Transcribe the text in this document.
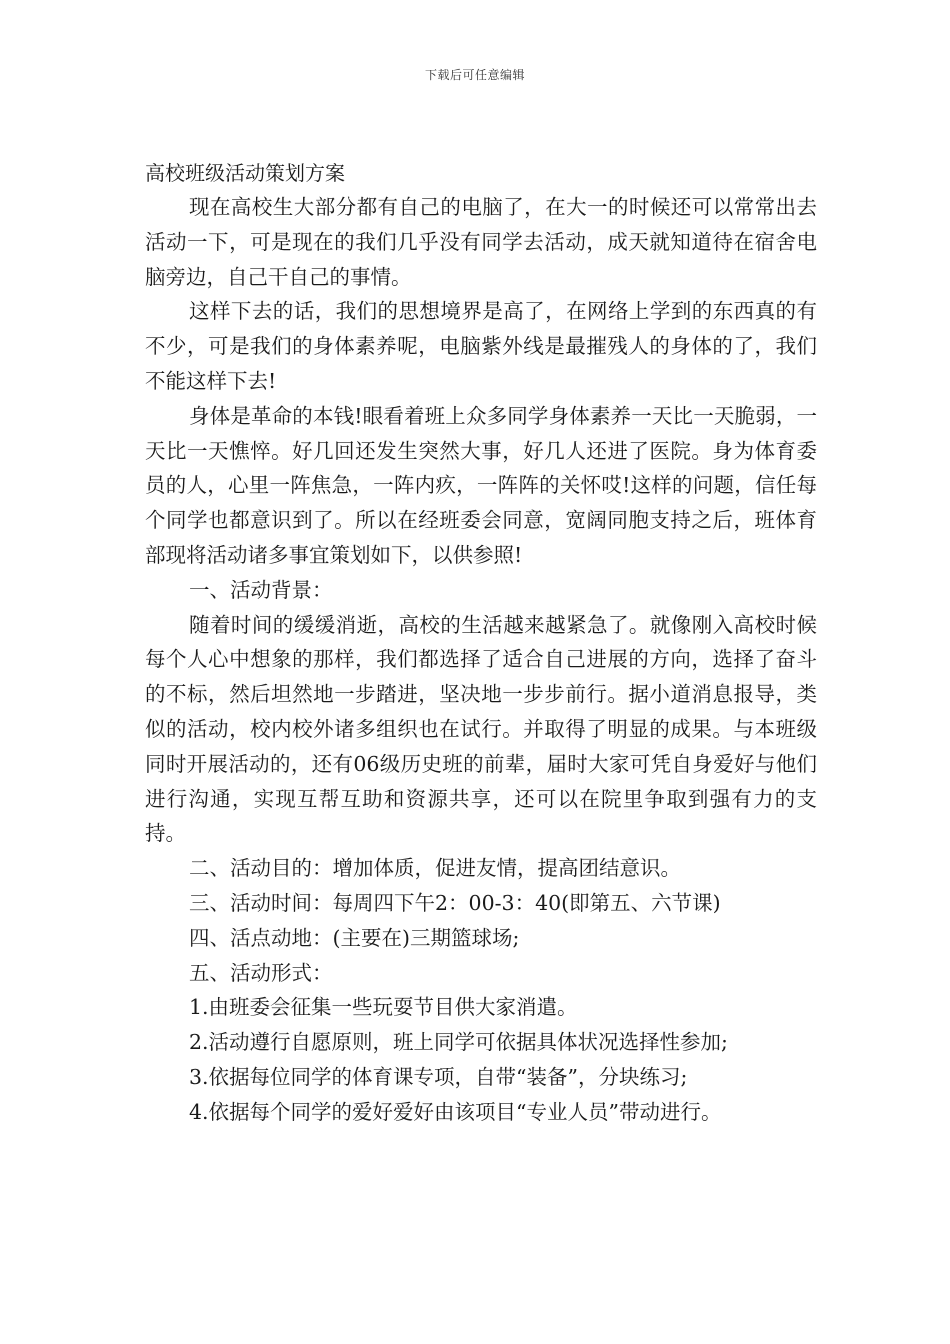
下载后可任意编辑

高校班级活动策划方案

现在高校生大部分都有自己的电脑了，在大一的时候还可以常常出去活动一下，可是现在的我们几乎没有同学去活动，成天就知道待在宿舍电脑旁边，自己干自己的事情。

这样下去的话，我们的思想境界是高了，在网络上学到的东西真的有不少，可是我们的身体素养呢，电脑紫外线是最摧残人的身体的了，我们不能这样下去!

身体是革命的本钱!眼看着班上众多同学身体素养一天比一天脆弱，一天比一天憔悴。好几回还发生突然大事，好几人还进了医院。身为体育委员的人，心里一阵焦急，一阵内疚，一阵阵的关怀哎!这样的问题，信任每个同学也都意识到了。所以在经班委会同意，宽阔同胞支持之后，班体育部现将活动诸多事宜策划如下，以供参照!

一、活动背景：

随着时间的缓缓消逝，高校的生活越来越紧急了。就像刚入高校时候每个人心中想象的那样，我们都选择了适合自己进展的方向，选择了奋斗的不标，然后坦然地一步踏进，坚决地一步步前行。据小道消息报导，类似的活动，校内校外诸多组织也在试行。并取得了明显的成果。与本班级同时开展活动的，还有06级历史班的前辈，届时大家可凭自身爱好与他们进行沟通，实现互帮互助和资源共享，还可以在院里争取到强有力的支持。

二、活动目的：增加体质，促进友情，提高团结意识。

三、活动时间：每周四下午2：00-3：40(即第五、六节课)

四、活点动地：(主要在)三期篮球场;

五、活动形式：

1.由班委会征集一些玩耍节目供大家消遣。

2.活动遵行自愿原则，班上同学可依据具体状况选择性参加;

3.依据每位同学的体育课专项，自带“装备”，分块练习;

4.依据每个同学的爱好爱好由该项目“专业人员”带动进行。
